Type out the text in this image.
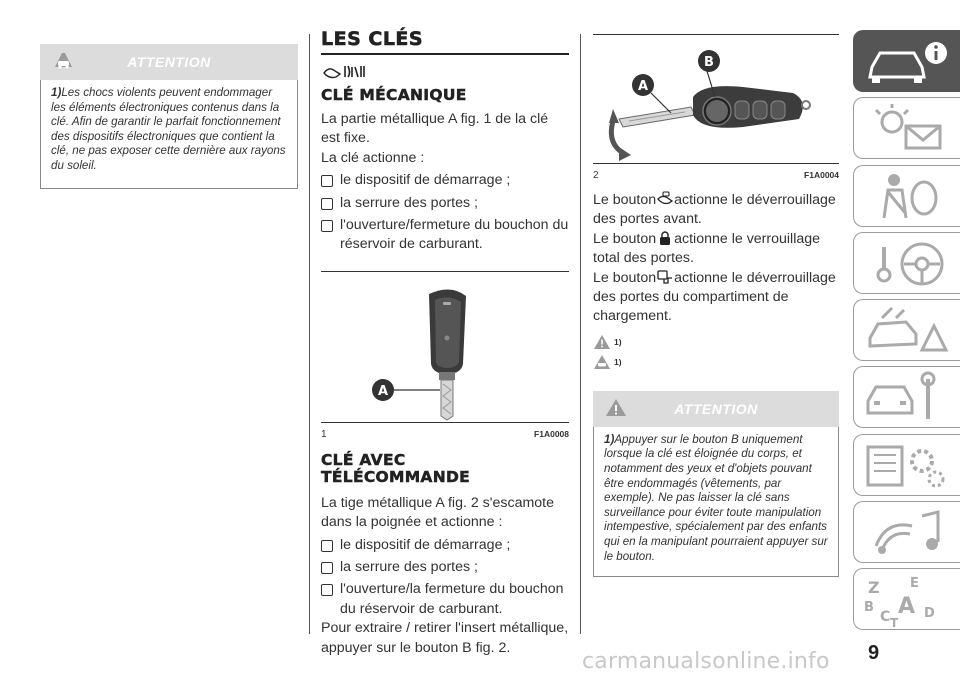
ATTENTION
1)Les chocs violents peuvent endommager les éléments électroniques contenus dans la clé. Afin de garantir le parfait fonctionnement des dispositifs électroniques que contient la clé, ne pas exposer cette dernière aux rayons du soleil.
LES CLÉS
CLÉ MÉCANIQUE
La partie métallique A fig. 1 de la clé est fixe.
La clé actionne :
le dispositif de démarrage ;
la serrure des portes ;
l'ouverture/fermeture du bouchon du réservoir de carburant.
A
1	F1A0008
CLÉ AVEC
TÉLÉCOMMANDE
La tige métallique A fig. 2 s'escamote dans la poignée et actionne :
le dispositif de démarrage ;
la serrure des portes ;
l'ouverture/la fermeture du bouchon du réservoir de carburant.
Pour extraire / retirer l'insert métallique, appuyer sur le bouton B fig. 2.
A
B
2	F1A0004
Le bouton actionne le déverrouillage des portes avant.
Le bouton actionne le verrouillage total des portes.
Le bouton actionne le déverrouillage des portes du compartiment de chargement.
1)
1)
ATTENTION
1)Appuyer sur le bouton B uniquement lorsque la clé est éloignée du corps, et notamment des yeux et d'objets pouvant être endommagés (vêtements, par exemple). Ne pas laisser la clé sans surveillance pour éviter toute manipulation intempestive, spécialement par des enfants qui en la manipulant pourraient appuyer sur le bouton.
Z E
B A
C	D
T
carmanualsonline.info 9
